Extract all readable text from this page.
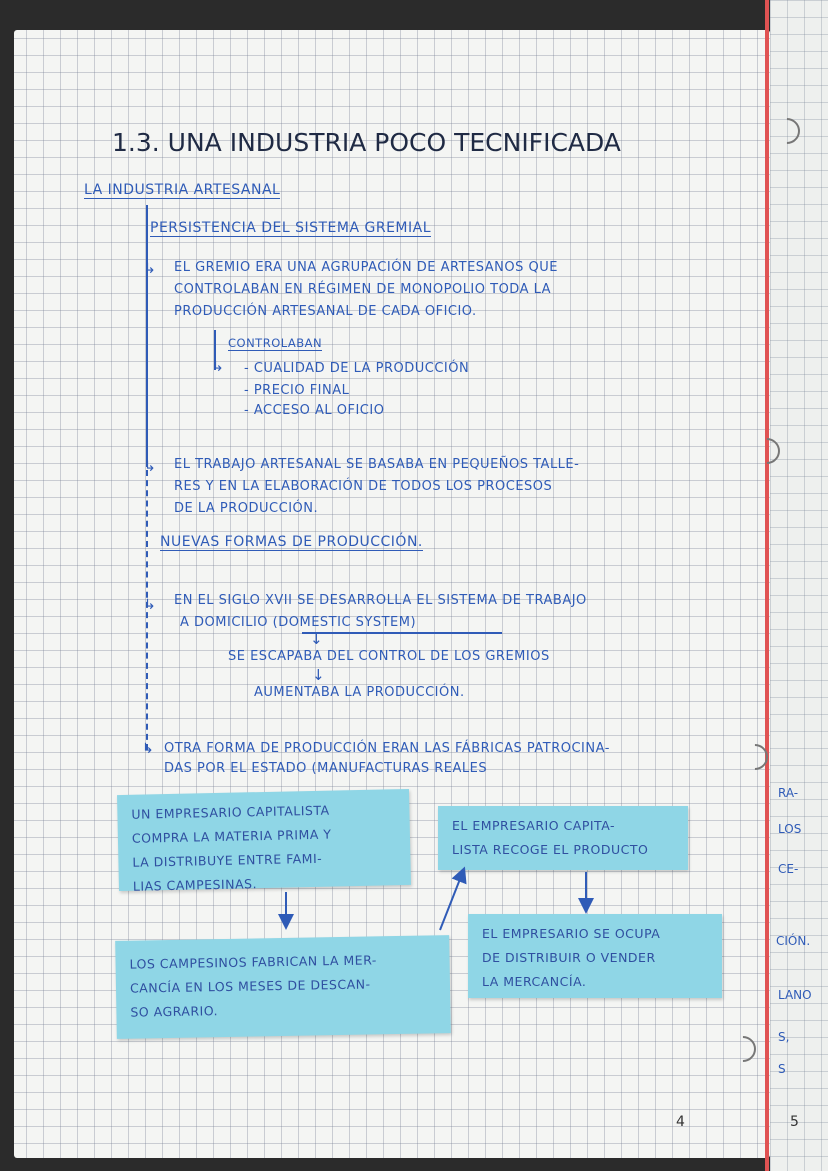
1.3. UNA INDUSTRIA POCO TECNIFICADA
LA INDUSTRIA ARTESANAL
PERSISTENCIA DEL SISTEMA GREMIAL
↳ EL GREMIO ERA UNA AGRUPACIÓN DE ARTESANOS QUE
CONTROLABAN EN RÉGIMEN DE MONOPOLIO TODA LA
PRODUCCIÓN ARTESANAL DE CADA OFICIO.
CONTROLABAN
↳ - CUALIDAD DE LA PRODUCCIÓN
- PRECIO FINAL
- ACCESO AL OFICIO
↳ EL TRABAJO ARTESANAL SE BASABA EN PEQUEÑOS TALLE-
RES Y EN LA ELABORACIÓN DE TODOS LOS PROCESOS
DE LA PRODUCCIÓN.
NUEVAS FORMAS DE PRODUCCIÓN.
↳ EN EL SIGLO XVII SE DESARROLLA EL SISTEMA DE TRABAJO
A DOMICILIO (DOMESTIC SYSTEM)
↓
SE ESCAPABA DEL CONTROL DE LOS GREMIOS
↓
AUMENTABA LA PRODUCCIÓN.
↳ OTRA FORMA DE PRODUCCIÓN ERAN LAS FÁBRICAS PATROCINA-
DAS POR EL ESTADO (MANUFACTURAS REALES
UN EMPRESARIO CAPITALISTA
COMPRA LA MATERIA PRIMA Y
LA DISTRIBUYE ENTRE FAMI-
LIAS CAMPESINAS.
EL EMPRESARIO CAPITA-
LISTA RECOGE EL PRODUCTO
LOS CAMPESINOS FABRICAN LA MER-
CANCÍA EN LOS MESES DE DESCAN-
SO AGRARIO.
EL EMPRESARIO SE OCUPA
DE DISTRIBUIR O VENDER
LA MERCANCÍA.
4	5
RA-
LOS
CE-
CIÓN.
LANO
S,
S
